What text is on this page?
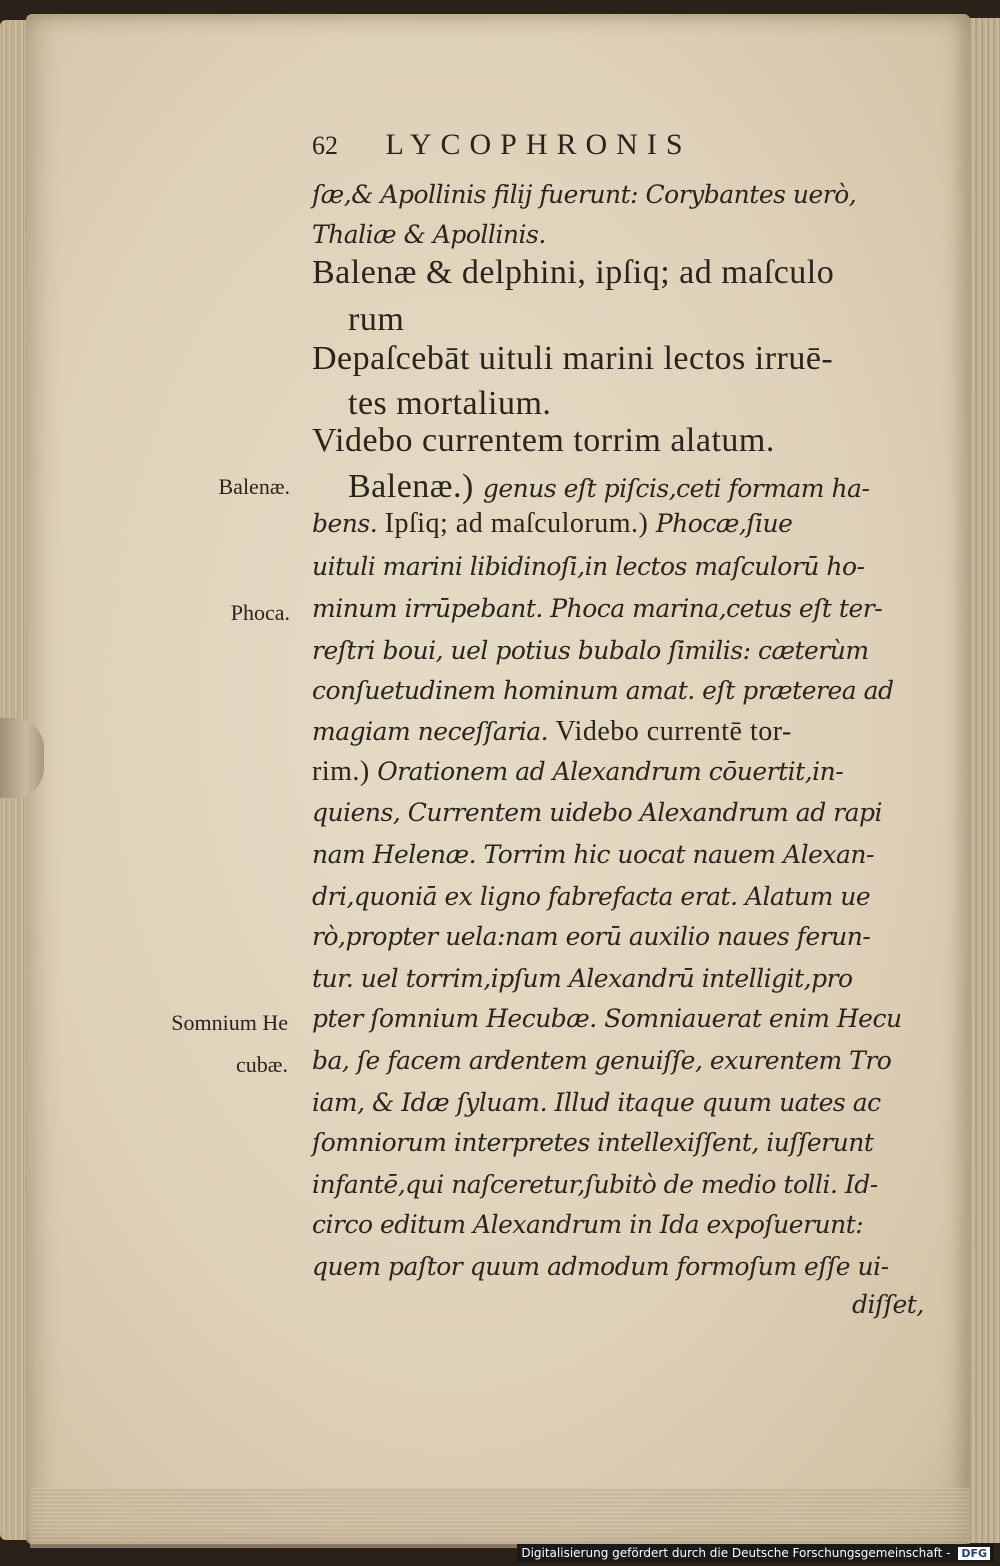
62 LYCOPHRONIS
ſæ,& Apollinis filij fuerunt: Corybantes uerò,
Thaliæ & Apollinis.
Balenæ & delphini, ipſiq; ad maſculo
rum
Depaſcebāt uituli marini lectos irruē-
tes mortalium.
Videbo currentem torrim alatum.
Balenæ.) genus eſt piſcis,ceti formam ha-
bens. Ipſiq; ad maſculorum.) Phocæ,ſiue
uituli marini libidinoſi,in lectos maſculorū ho-
minum irrūpebant. Phoca marina,cetus eſt ter-
reſtri boui, uel potius bubalo ſimilis: cæterùm
conſuetudinem hominum amat. eſt præterea ad
magiam neceſſaria. Videbo currentē tor-
rim.) Orationem ad Alexandrum cōuertit,in-
quiens, Currentem uidebo Alexandrum ad rapi
nam Helenæ. Torrim hic uocat nauem Alexan-
dri,quoniā ex ligno fabrefacta erat. Alatum ue
rò,propter uela:nam eorū auxilio naues ferun-
tur. uel torrim,ipſum Alexandrū intelligit,pro
pter ſomnium Hecubæ. Somniauerat enim Hecu
ba, ſe facem ardentem genuiſſe, exurentem Tro
iam, & Idæ ſyluam. Illud itaque quum uates ac
ſomniorum interpretes intellexiſſent, iuſſerunt
infantē,qui naſceretur,ſubitò de medio tolli. Id-
circo editum Alexandrum in Ida expoſuerunt:
quem paſtor quum admodum formoſum eſſe ui-
diſſet,
Balenæ.
Phoca.
Somnium He
cubæ.
Digitalisierung gefördert durch die Deutsche Forschungsgemeinschaft - DFG
